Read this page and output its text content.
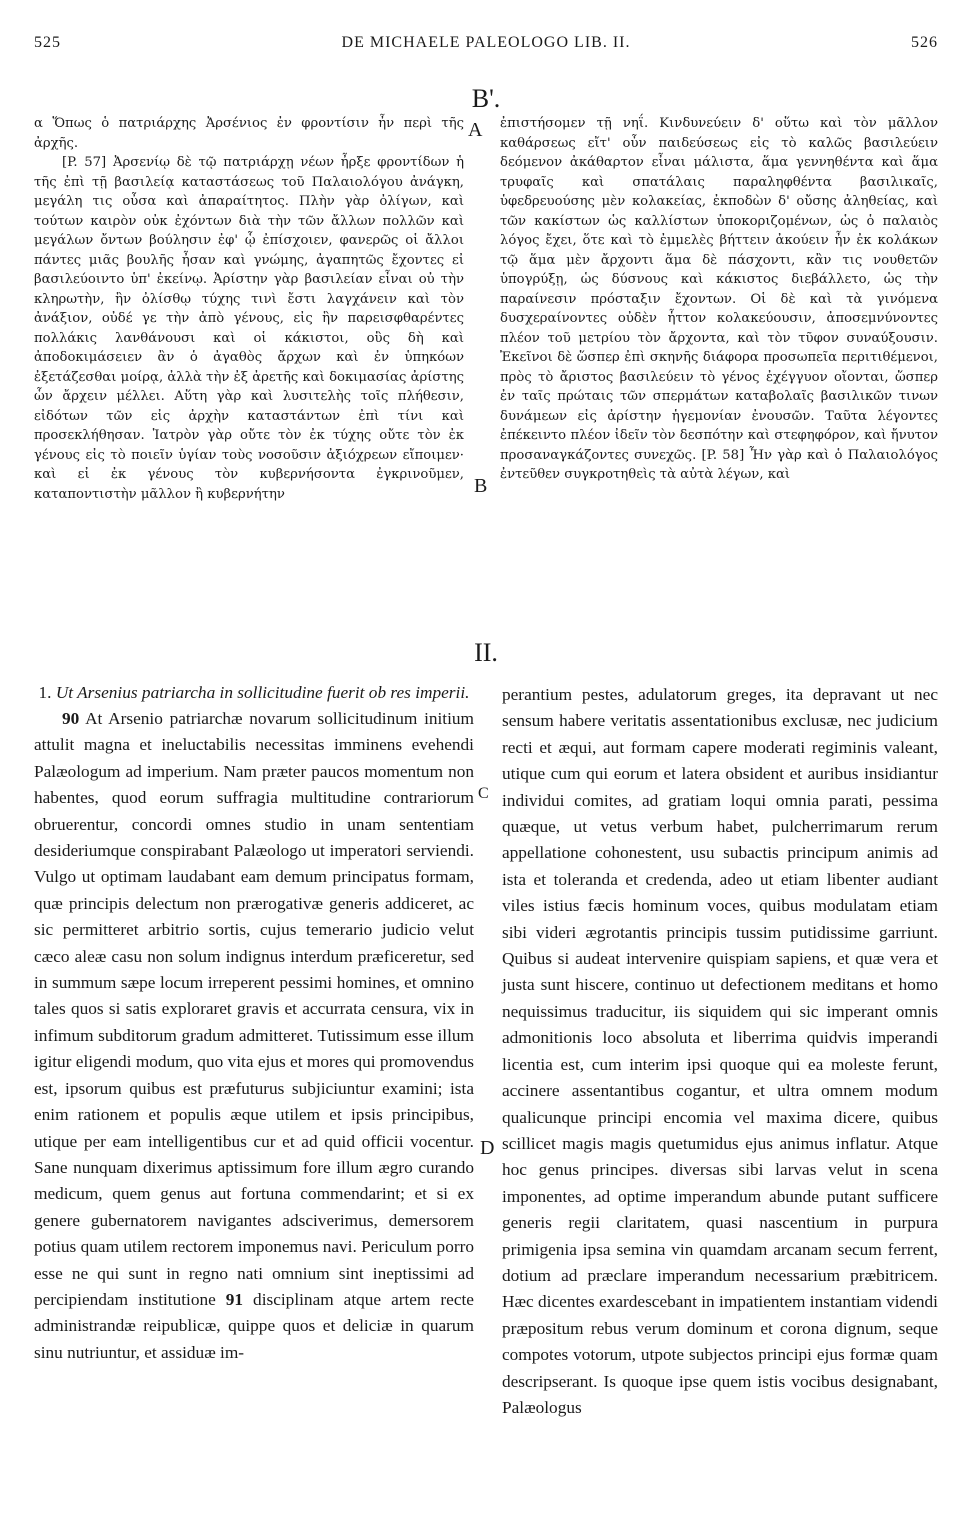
525	DE MICHAELE PALEOLOGO LIB. II.	526
B'.

α Ὅπως ὁ πατριάρχης Ἀρσένιος ἐν φροντίσιν ἦν περὶ τῆς ἀρχῆς.

[P. 57] Ἀρσενίῳ δὲ τῷ πατριάρχῃ νέων ἦρξε φροντίδων ἡ τῆς ἐπὶ τῇ βασιλείᾳ καταστάσεως τοῦ Παλαιολόγου ἀνάγκη, μεγάλη τις οὖσα καὶ ἀπαραίτητος. Πλὴν γὰρ ὀλίγων, καὶ τούτων καιρὸν οὐκ ἐχόντων διὰ τὴν τῶν ἄλλων πολλῶν καὶ μεγάλων ὄντων βούλησιν ἐφ' ᾧ ἐπίσχοιεν, φανερῶς οἱ ἄλλοι πάντες μιᾶς βουλῆς ἦσαν καὶ γνώμης, ἀγαπητῶς ἔχοντες εἰ βασιλεύοιντο ὑπ' ἐκείνῳ. Ἀρίστην γὰρ βασιλείαν εἶναι οὐ τὴν κληρωτὴν, ἣν ὀλίσθῳ τύχης τινὶ ἔστι λαγχάνειν καὶ τὸν ἀνάξιον, οὐδέ γε τὴν ἀπὸ γένους, εἰς ἣν παρεισφθαρέντες πολλάκις λανθάνουσι καὶ οἱ κάκιστοι, οὓς δὴ καὶ ἀποδοκιμάσειεν ἂν ὁ ἀγαθὸς ἄρχων καὶ ἐν ὑπηκόων ἐξετάζεσθαι μοίρᾳ, ἀλλὰ τὴν ἐξ ἀρετῆς καὶ δοκιμασίας ἀρίστης ὧν ἄρχειν μέλλει. Αὕτη γὰρ καὶ λυσιτελὴς τοῖς πλήθεσιν, εἰδότων τῶν εἰς ἀρχὴν καταστάντων ἐπὶ τίνι καὶ προσεκλήθησαν. Ἰατρὸν γὰρ οὔτε τὸν ἐκ τύχης οὔτε τὸν ἐκ γένους εἰς τὸ ποιεῖν ὑγίαν τοὺς νοσοῦσιν ἀξιόχρεων εἴποιμεν· καὶ εἰ ἐκ γένους τὸν κυβερνήσοντα ἐγκρινοῦμεν, καταποντιστὴν μᾶλλον ἢ κυβερνήτην

A
B

ἐπιστήσομεν τῇ νηΐ. Κινδυνεύειν δ' οὕτω καὶ τὸν μᾶλλον καθάρσεως εἴτ' οὖν παιδεύσεως εἰς τὸ καλῶς βασιλεύειν δεόμενον ἀκάθαρτον εἶναι μάλιστα, ἅμα γεννηθέντα καὶ ἅμα τρυφαῖς καὶ σπατάλαις παραληφθέντα βασιλικαῖς, ὑφεδρευούσης μὲν κολακείας, ἐκποδὼν δ' οὔσης ἀληθείας, καὶ τῶν κακίστων ὡς καλλίστων ὑποκοριζομένων, ὡς ὁ παλαιὸς λόγος ἔχει, ὅτε καὶ τὸ ἐμμελὲς βήττειν ἀκούειν ἦν ἐκ κολάκων τῷ ἅμα μὲν ἄρχοντι ἅμα δὲ πάσχοντι, κἂν τις νουθετῶν ὑπογρύξῃ, ὡς δύσνους καὶ κάκιστος διεβάλλετο, ὡς τὴν παραίνεσιν πρόσταξιν ἔχοντων. Οἱ δὲ καὶ τὰ γινόμενα δυσχεραίνοντες οὐδὲν ἧττον κολακεύουσιν, ἀποσεμνύνοντες πλέον τοῦ μετρίου τὸν ἄρχοντα, καὶ τὸν τῦφον συναύξουσιν. Ἐκεῖνοι δὲ ὥσπερ ἐπὶ σκηνῆς διάφορα προσωπεῖα περιτιθέμενοι, πρὸς τὸ ἄριστος βασιλεύειν τὸ γένος ἐχέγγυον οἴονται, ὥσπερ ἐν ταῖς πρώταις τῶν σπερμάτων καταβολαῖς βασιλικῶν τινων δυνάμεων εἰς ἀρίστην ἡγεμονίαν ἐνουσῶν. Ταῦτα λέγοντες ἐπέκειντο πλέον ἰδεῖν τὸν δεσπότην καὶ στεφηφόρον, καὶ ἤνυτον προσαναγκάζοντες συνεχῶς. [P. 58] Ἦν γὰρ καὶ ὁ Παλαιολόγος ἐντεῦθεν συγκροτηθεὶς τὰ αὐτὰ λέγων, καὶ

II.

1. Ut Arsenius patriarcha in sollicitudine fuerit ob res imperii.

90 At Arsenio patriarchæ novarum sollicitudinum initium attulit magna et ineluctabilis necessitas imminens evehendi Palæologum ad imperium. Nam præter paucos momentum non habentes, quod eorum suffragia multitudine contrariorum obruerentur, concordi omnes studio in unam sententiam desideriumque conspirabant Palæologo ut imperatori serviendi. Vulgo ut optimam laudabant eam demum principatus formam, quæ principis delectum non prærogativæ generis addiceret, ac sic permitteret arbitrio sortis, cujus temerario judicio velut cæco aleæ casu non solum indignus interdum præficeretur, sed in summum sæpe locum irreperent pessimi homines, et omnino tales quos si satis exploraret gravis et accurrata censura, vix in infimum subditorum gradum admitteret. Tutissimum esse illum igitur eligendi modum, quo vita ejus et mores qui promovendus est, ipsorum quibus est præfuturus subjiciuntur examini; ista enim rationem et populis æque utilem et ipsis principibus, utique per eam intelligentibus cur et ad quid officii vocentur. Sane nunquam dixerimus aptissimum fore illum ægro curando medicum, quem genus aut fortuna commendarint; et si ex genere gubernatorem navigantes adsciverimus, demersorem potius quam utilem rectorem imponemus navi. Periculum porro esse ne qui sunt in regno nati omnium sint ineptissimi ad percipiendam institutione 91 disciplinam atque artem recte administrandæ reipublicæ, quippe quos et deliciæ in quarum sinu nutriuntur, et assiduæ im-

C
D

perantium pestes, adulatorum greges, ita depravant ut nec sensum habere veritatis assentationibus exclusæ, nec judicium recti et æqui, aut formam capere moderati regiminis valeant, utique cum qui eorum et latera obsident et auribus insidiantur individui comites, ad gratiam loqui omnia parati, pessima quæque, ut vetus verbum habet, pulcherrimarum rerum appellatione cohonestent, usu subactis principum animis ad ista et toleranda et credenda, adeo ut etiam libenter audiant viles istius fæcis hominum voces, quibus modulatam etiam sibi videri ægrotantis principis tussim putidissime garriunt. Quibus si audeat intervenire quispiam sapiens, et quæ vera et justa sunt hiscere, continuo ut defectionem meditans et homo nequissimus traducitur, iis siquidem qui sic imperant omnis admonitionis loco absoluta et liberrima quidvis imperandi licentia est, cum interim ipsi quoque qui ea moleste ferunt, accinere assentantibus cogantur, et ultra omnem modum qualicunque principi encomia vel maxima dicere, quibus scillicet magis magis quetumidus ejus animus inflatur. Atque hoc genus principes. diversas sibi larvas velut in scena imponentes, ad optime imperandum abunde putant sufficere generis regii claritatem, quasi nascentium in purpura primigenia ipsa semina vin quamdam arcanam secum ferrent, dotium ad præclare imperandum necessarium præbitricem. Hæc dicentes exardescebant in impatientem instantiam videndi præpositum rebus verum dominum et corona dignum, seque compotes votorum, utpote subjectos principi ejus formæ quam descripserant. Is quoque ipse quem istis vocibus designabant, Palæologus
